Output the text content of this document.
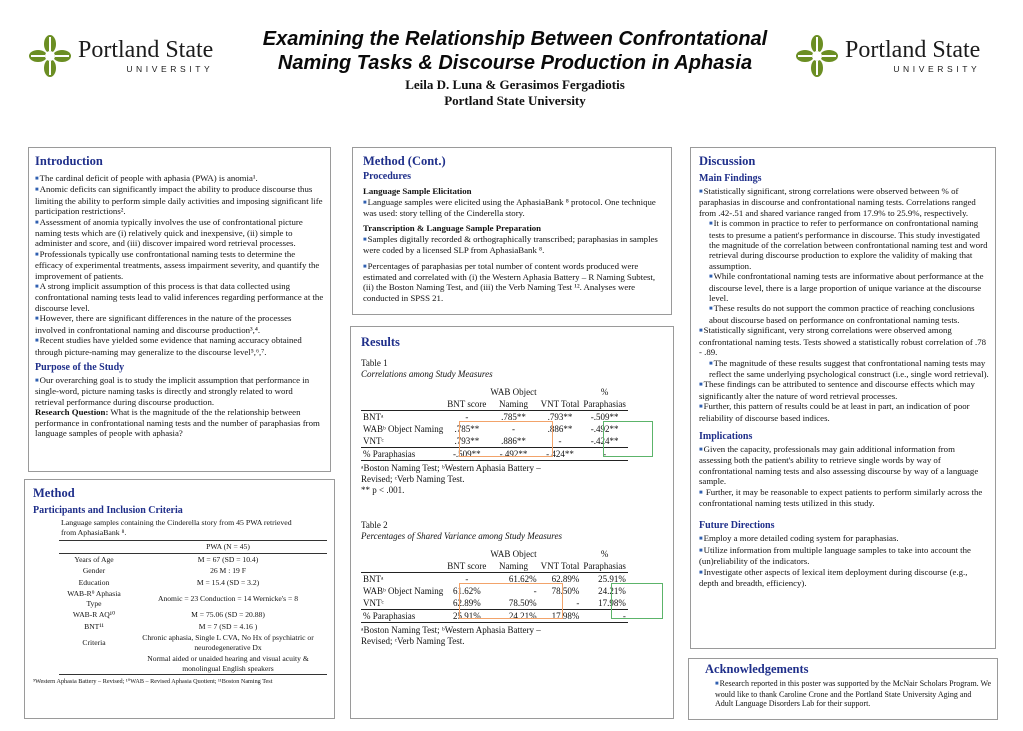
Portland State
UNIVERSITY
Examining the Relationship Between Confrontational
Naming Tasks & Discourse Production in Aphasia
Leila D. Luna & Gerasimos Fergadiotis
Portland State University
Portland State
UNIVERSITY
Introduction
■ The cardinal deficit of people with aphasia (PWA) is anomia¹.
■ Anomic deficits can significantly impact the ability to produce discourse thus limiting the ability to perform simple daily activities and imposing significant life participation restrictions².
■ Assessment of anomia typically involves the use of confrontational picture naming tests which are (i) relatively quick and inexpensive, (ii) simple to administer and score, and (iii) discover impaired word retrieval processes.
■ Professionals typically use confrontational naming tests to determine the efficacy of experimental treatments, assess impairment severity, and quantify the improvement of patients.
■ A strong implicit assumption of this process is that data collected using confrontational naming tests lead to valid inferences regarding performance at the discourse level.
■ However, there are significant differences in the nature of the processes involved in confrontational naming and discourse production³,⁴.
■ Recent studies have yielded some evidence that naming accuracy obtained through picture-naming may generalize to the discourse level⁵,⁶,⁷.
Purpose of the Study
■ Our overarching goal is to study the implicit assumption that performance in single-word, picture naming tasks is directly and strongly related to word retrieval performance during discourse production.
Research Question: What is the magnitude of the the relationship between performance in confrontational naming tests and the number of paraphasias from language samples of people with aphasia?
Method
Participants and Inclusion Criteria
Language samples containing the Cinderella story from 45 PWA retrieved from AphasiaBank ⁸.
	PWA (N = 45)
Years of Age	M = 67 (SD = 10.4)
Gender	26 M : 19 F
Education	M = 15.4 (SD = 3.2)
WAB-R⁹ Aphasia Type	Anomic = 23 Conduction = 14 Wernicke's = 8
WAB-R AQ¹⁰	M = 75.06 (SD = 20.88)
BNT¹¹	M = 7 (SD = 4.16 )
Criteria	Chronic aphasia, Single L CVA, No Hx of psychiatric or neurodegenerative Dx
	Normal aided or unaided hearing and visual acuity & monolingual English speakers
⁹Western Aphasia Battery – Revised; ¹⁰WAB – Revised Aphasia Quotient; ¹¹Boston Naming Test
Method (Cont.)
Procedures
Language Sample Elicitation
■ Language samples were elicited using the AphasiaBank ⁸ protocol. One technique was used: story telling of the Cinderella story.
Transcription & Language Sample Preparation
■ Samples digitally recorded & orthographically transcribed; paraphasias in samples were coded by a licensed SLP from AphasiaBank ⁸.
■ Percentages of paraphasias per total number of content words produced were estimated and correlated with (i) the Western Aphasia Battery – R Naming Subtest, (ii) the Boston Naming Test, and (iii) the Verb Naming Test ¹². Analyses were conducted in SPSS 21.
Results
Table 1
Correlations among Study Measures
		WAB Object		%
	BNT score	Naming	VNT Total	Paraphasias
BNTᵃ	-	.785**	.793**	-.509**
WABᵇ Object Naming	.785**	-	.886**	-.492**
VNTᶜ	.793**	.886**	-	-.424**
% Paraphasias	-.509**	-.492**	-.424**	-
ᵃBoston Naming Test; ᵇWestern Aphasia Battery –
Revised; ᶜVerb Naming Test.
** p < .001.
Table 2
Percentages of Shared Variance among Study Measures
		WAB Object		%
	BNT score	Naming	VNT Total	Paraphasias
BNTᵃ	-	61.62%	62.89%	25.91%
WABᵇ Object Naming	61.62%	-	78.50%	24.21%
VNTᶜ	62.89%	78.50%	-	17.98%
% Paraphasias	25.91%	24.21%	17.98%	-
ᵃBoston Naming Test; ᵇWestern Aphasia Battery –
Revised; ᶜVerb Naming Test.
Discussion
Main Findings
■ Statistically significant, strong correlations were observed between % of paraphasias in discourse and confrontational naming tests. Correlations ranged from .42-.51 and shared variance ranged from 17.9% to 25.9%, respectively.
■ It is common in practice to refer to performance on confrontational naming tests to presume a patient's performance in discourse. This study investigated the magnitude of the correlation between confrontational naming test and word retrieval during discourse production to explore the validity of making that assumption.
■ While confrontational naming tests are informative about performance at the discourse level, there is a large proportion of unique variance at the discourse level.
■ These results do not support the common practice of reaching conclusions about discourse based on performance on confrontational naming tests.
■ Statistically significant, very strong correlations were observed among confrontational naming tests. Tests showed a statistically robust correlation of .78 - .89.
■ The magnitude of these results suggest that confrontational naming tests may reflect the same underlying psychological construct (i.e., single word retrieval).
■ These findings can be attributed to sentence and discourse effects which may significantly alter the nature of word retrieval processes.
■ Further, this pattern of results could be at least in part, an indication of poor reliability of discourse based indices.
Implications
■ Given the capacity, professionals may gain additional information from assessing both the patient's ability to retrieve single words by way of confrontational naming tests and also assessing discourse by way of a language sample.
■ Further, it may be reasonable to expect patients to perform similarly across the confrontational naming tests utilized in this study.
Future Directions
■ Employ a more detailed coding system for paraphasias.
■ Utilize information from multiple language samples to take into account the (un)reliability of the indicators.
■ Investigate other aspects of lexical item deployment during discourse (e.g., depth and breadth, efficiency).
Acknowledgements
■ Research reported in this poster was supported by the McNair Scholars Program. We would like to thank Caroline Crone and the Portland State University Aging and Adult Language Disorders Lab for their support.
